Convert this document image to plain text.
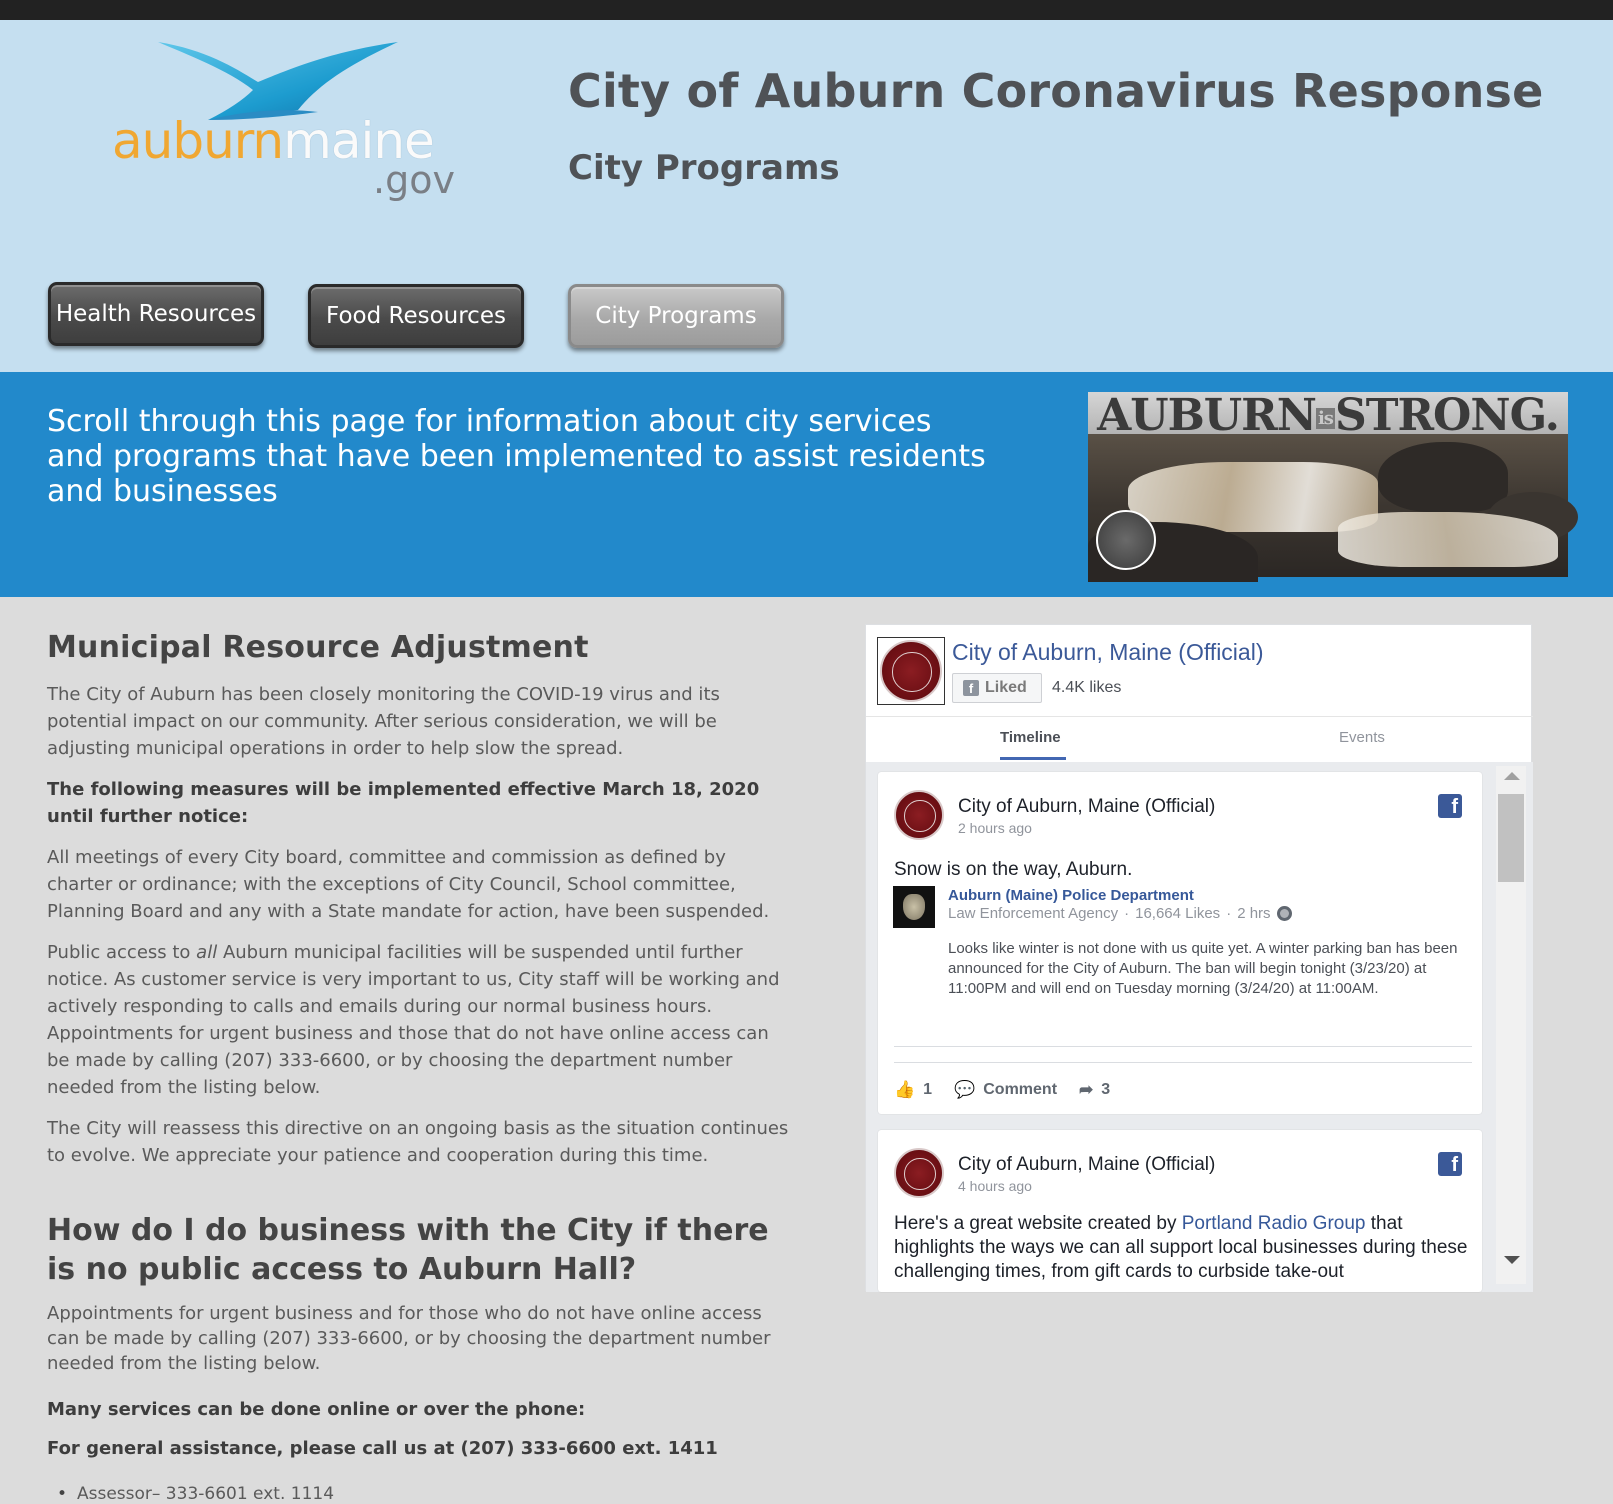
auburnmaine
.gov
City of Auburn Coronavirus Response
City Programs
Health Resources	Food Resources	City Programs
Scroll through this page for information about city services and programs that have been implemented to assist residents and businesses
AUBURN isSTRONG.
Municipal Resource Adjustment
The City of Auburn has been closely monitoring the COVID-19 virus and its potential impact on our community. After serious consideration, we will be adjusting municipal operations in order to help slow the spread.
The following measures will be implemented effective March 18, 2020 until further notice:
All meetings of every City board, committee and commission as defined by charter or ordinance; with the exceptions of City Council, School committee, Planning Board and any with a State mandate for action, have been suspended.
Public access to all Auburn municipal facilities will be suspended until further notice. As customer service is very important to us, City staff will be working and actively responding to calls and emails during our normal business hours. Appointments for urgent business and those that do not have online access can be made by calling (207) 333-6600, or by choosing the department number needed from the listing below.
The City will reassess this directive on an ongoing basis as the situation continues to evolve. We appreciate your patience and cooperation during this time.
How do I do business with the City if there is no public access to Auburn Hall?
Appointments for urgent business and for those who do not have online access can be made by calling (207) 333-6600, or by choosing the department number needed from the listing below.
Many services can be done online or over the phone:
For general assistance, please call us at (207) 333-6600 ext. 1411
• Assessor– 333-6601 ext. 1114
City of Auburn, Maine (Official)
f Liked 4.4K likes
Timeline	Events
City of Auburn, Maine (Official)
2 hours ago
f
Snow is on the way, Auburn.
Auburn (Maine) Police Department
Law Enforcement Agency · 16,664 Likes · 2 hrs
Looks like winter is not done with us quite yet. A winter parking ban has been announced for the City of Auburn. The ban will begin tonight (3/23/20) at 11:00PM and will end on Tuesday morning (3/24/20) at 11:00AM.
👍 1 💬 Comment ➦ 3
City of Auburn, Maine (Official)
4 hours ago
f
Here's a great website created by Portland Radio Group that highlights the ways we can all support local businesses during these challenging times, from gift cards to curbside take-out
